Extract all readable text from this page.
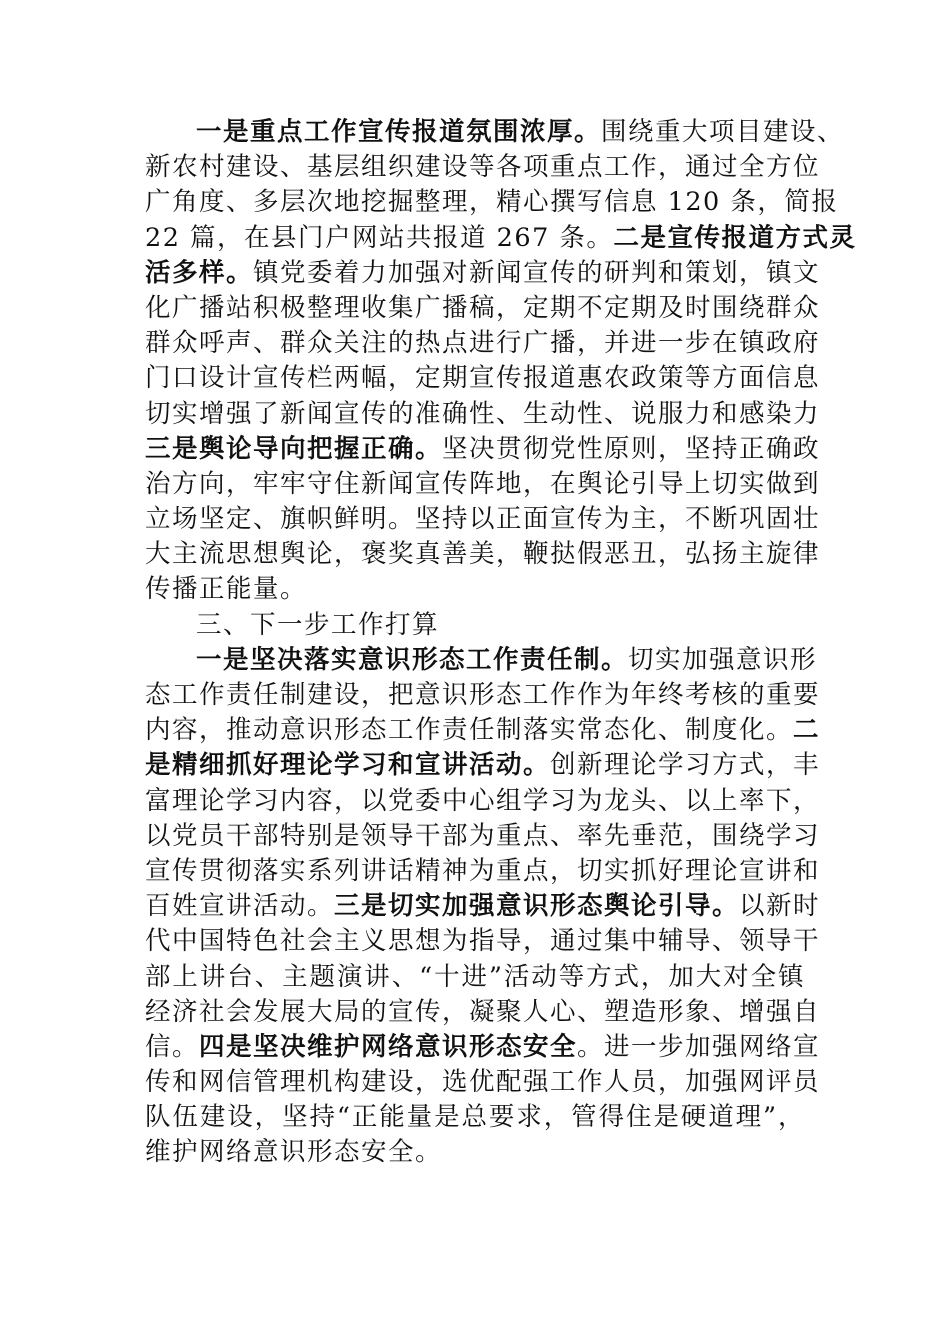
一是重点工作宣传报道氛围浓厚。围绕重大项目建设、
新农村建设、基层组织建设等各项重点工作，通过全方位
广角度、多层次地挖掘整理，精心撰写信息 120 条，简报
22 篇，在县门户网站共报道 267 条。二是宣传报道方式灵
活多样。镇党委着力加强对新闻宣传的研判和策划，镇文
化广播站积极整理收集广播稿，定期不定期及时围绕群众
群众呼声、群众关注的热点进行广播，并进一步在镇政府
门口设计宣传栏两幅，定期宣传报道惠农政策等方面信息
切实增强了新闻宣传的准确性、生动性、说服力和感染力
三是舆论导向把握正确。坚决贯彻党性原则，坚持正确政
治方向，牢牢守住新闻宣传阵地，在舆论引导上切实做到
立场坚定、旗帜鲜明。坚持以正面宣传为主，不断巩固壮
大主流思想舆论，褒奖真善美，鞭挞假恶丑，弘扬主旋律
传播正能量。
三、下一步工作打算
一是坚决落实意识形态工作责任制。切实加强意识形
态工作责任制建设，把意识形态工作作为年终考核的重要
内容，推动意识形态工作责任制落实常态化、制度化。二
是精细抓好理论学习和宣讲活动。创新理论学习方式，丰
富理论学习内容，以党委中心组学习为龙头、以上率下，
以党员干部特别是领导干部为重点、率先垂范，围绕学习
宣传贯彻落实系列讲话精神为重点，切实抓好理论宣讲和
百姓宣讲活动。三是切实加强意识形态舆论引导。以新时
代中国特色社会主义思想为指导，通过集中辅导、领导干
部上讲台、主题演讲、“十进”活动等方式，加大对全镇
经济社会发展大局的宣传，凝聚人心、塑造形象、增强自
信。四是坚决维护网络意识形态安全。进一步加强网络宣
传和网信管理机构建设，选优配强工作人员，加强网评员
队伍建设，坚持“正能量是总要求，管得住是硬道理”，
维护网络意识形态安全。
